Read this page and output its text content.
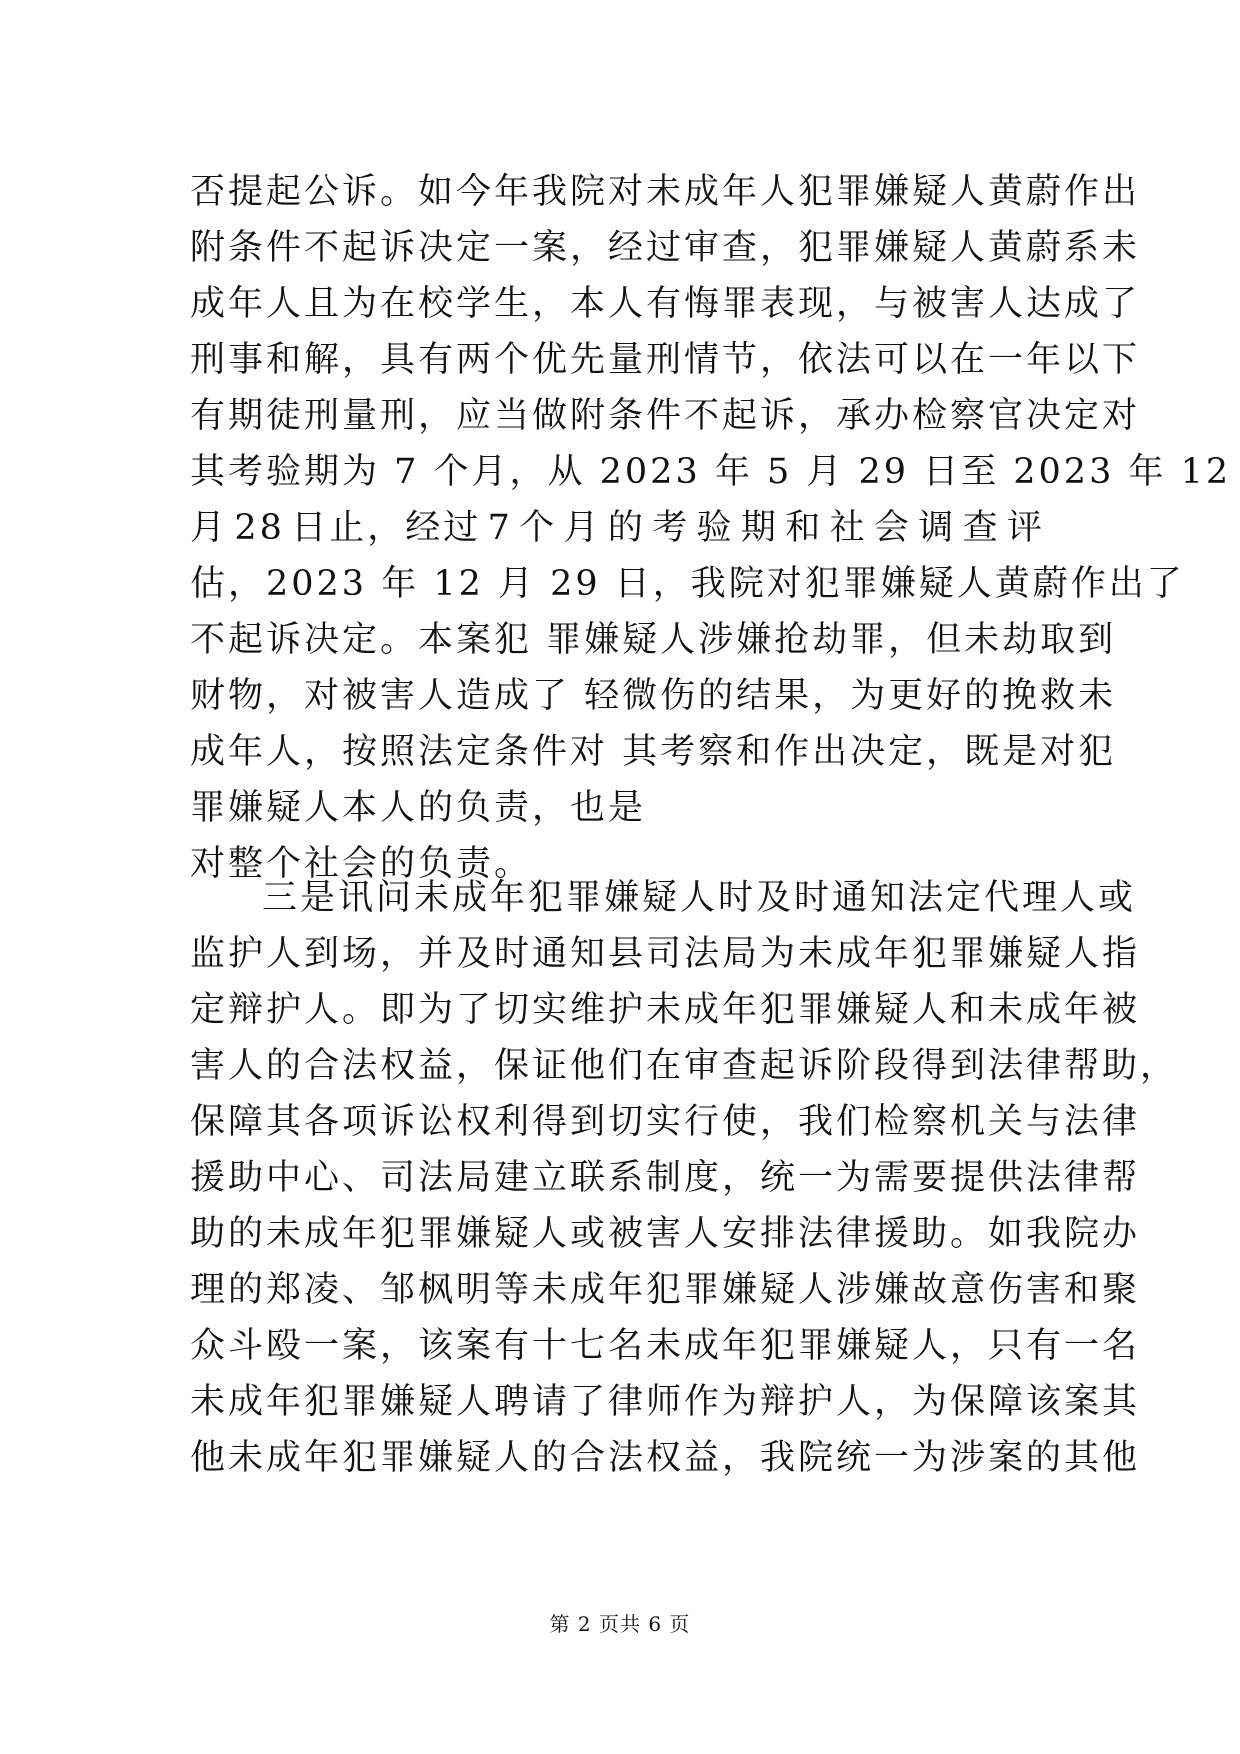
否提起公诉。如今年我院对未成年人犯罪嫌疑人黄蔚作出
附条件不起诉决定一案，经过审查，犯罪嫌疑人黄蔚系未
成年人且为在校学生，本人有悔罪表现，与被害人达成了
刑事和解，具有两个优先量刑情节，依法可以在一年以下
有期徒刑量刑，应当做附条件不起诉，承办检察官决定对
其考验期为 7 个月，从 2023 年 5 月 29 日至 2023 年 12
月 28 日止，经过 7 个 月 的 考 验 期 和 社 会 调 查 评
估，2023 年 12 月 29 日，我院对犯罪嫌疑人黄蔚作出了
不起诉决定。本案犯 罪嫌疑人涉嫌抢劫罪，但未劫取到
财物，对被害人造成了 轻微伤的结果，为更好的挽救未
成年人，按照法定条件对 其考察和作出决定，既是对犯
罪嫌疑人本人的负责，也是
对整个社会的负责。
三是讯问未成年犯罪嫌疑人时及时通知法定代理人或
监护人到场，并及时通知县司法局为未成年犯罪嫌疑人指
定辩护人。即为了切实维护未成年犯罪嫌疑人和未成年被
害人的合法权益，保证他们在审查起诉阶段得到法律帮助，
保障其各项诉讼权利得到切实行使，我们检察机关与法律
援助中心、司法局建立联系制度，统一为需要提供法律帮
助的未成年犯罪嫌疑人或被害人安排法律援助。如我院办
理的郑凌、邹枫明等未成年犯罪嫌疑人涉嫌故意伤害和聚
众斗殴一案，该案有十七名未成年犯罪嫌疑人，只有一名
未成年犯罪嫌疑人聘请了律师作为辩护人，为保障该案其
他未成年犯罪嫌疑人的合法权益，我院统一为涉案的其他
第 2 页共 6 页
